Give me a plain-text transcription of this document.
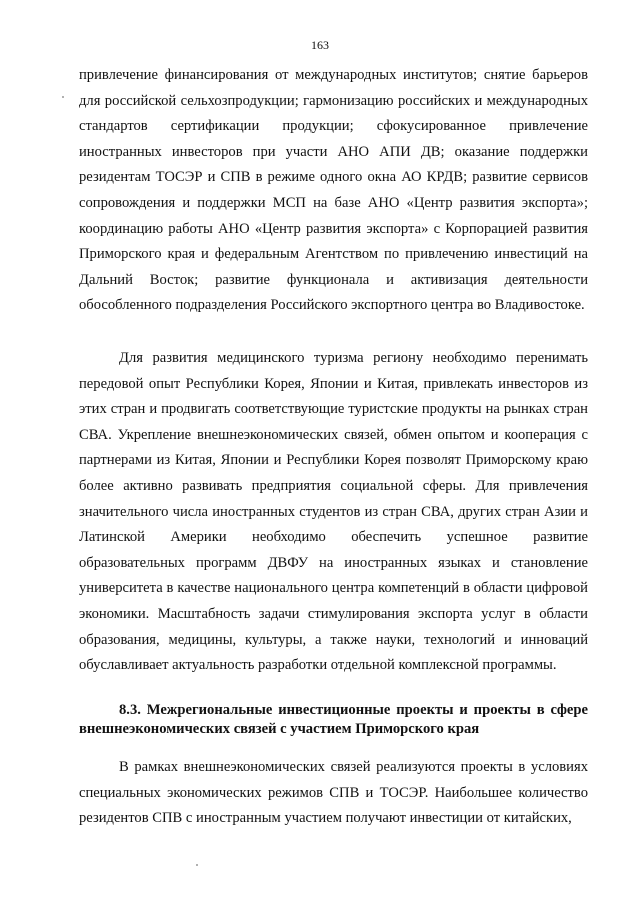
163

привлечение финансирования от международных институтов; снятие барьеров для российской сельхозпродукции; гармонизацию российских и международных стандартов сертификации продукции; сфокусированное привлечение иностранных инвесторов при участи АНО АПИ ДВ; оказание поддержки резидентам ТОСЭР и СПВ в режиме одного окна АО КРДВ; развитие сервисов сопровождения и поддержки МСП на базе АНО «Центр развития экспорта»; координацию работы АНО «Центр развития экспорта» с Корпорацией развития Приморского края и федеральным Агентством по привлечению инвестиций на Дальний Восток; развитие функционала и активизация деятельности обособленного подразделения Российского экспортного центра во Владивостоке.

Для развития медицинского туризма региону необходимо перенимать передовой опыт Республики Корея, Японии и Китая, привлекать инвесторов из этих стран и продвигать соответствующие туристские продукты на рынках стран СВА. Укрепление внешнеэкономических связей, обмен опытом и кооперация с партнерами из Китая, Японии и Республики Корея позволят Приморскому краю более активно развивать предприятия социальной сферы. Для привлечения значительного числа иностранных студентов из стран СВА, других стран Азии и Латинской Америки необходимо обеспечить успешное развитие образовательных программ ДВФУ на иностранных языках и становление университета в качестве национального центра компетенций в области цифровой экономики. Масштабность задачи стимулирования экспорта услуг в области образования, медицины, культуры, а также науки, технологий и инноваций обуславливает актуальность разработки отдельной комплексной программы.

8.3. Межрегиональные инвестиционные проекты и проекты в сфере внешнеэкономических связей с участием Приморского края

В рамках внешнеэкономических связей реализуются проекты в условиях специальных экономических режимов СПВ и ТОСЭР. Наибольшее количество резидентов СПВ с иностранным участием получают инвестиции от китайских,
